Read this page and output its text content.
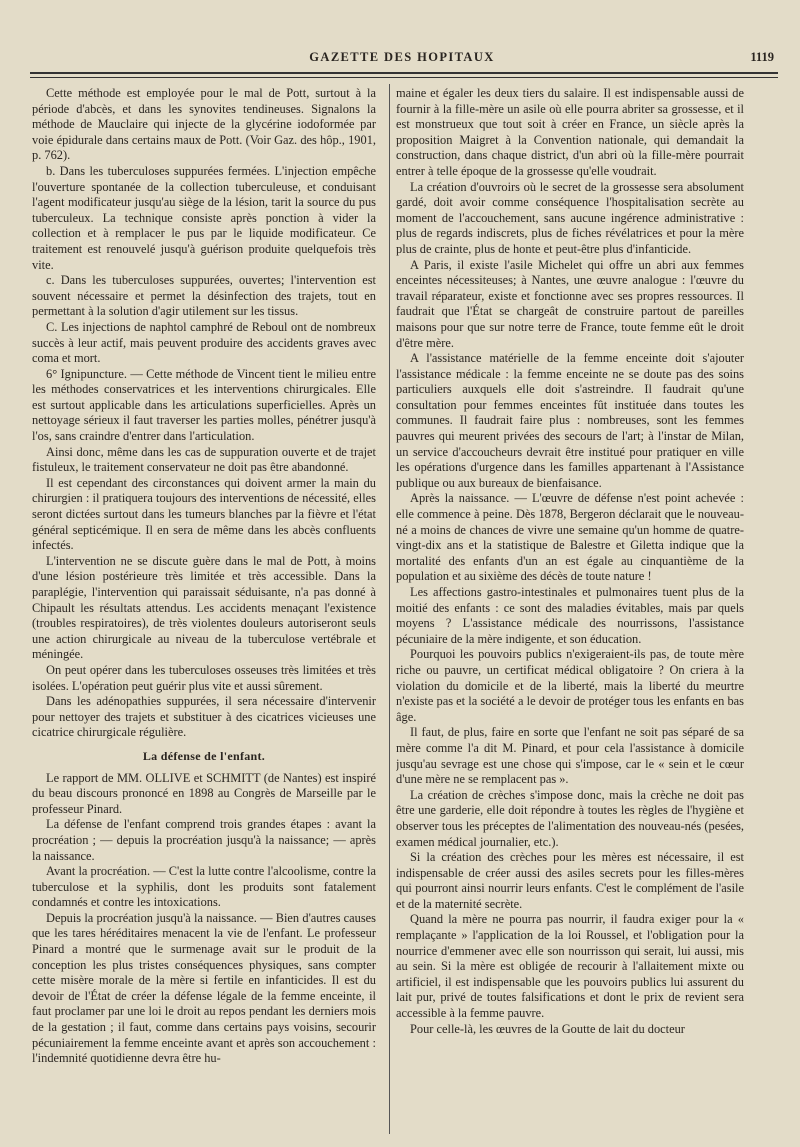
GAZETTE DES HOPITAUX	1119

Cette méthode est employée pour le mal de Pott, surtout à la période d'abcès, et dans les synovites tendineuses. Signalons la méthode de Mauclaire qui injecte de la glycérine iodoformée par voie épidurale dans certains maux de Pott. (Voir Gaz. des hôp., 1901, p. 762).

b. Dans les tuberculoses suppurées fermées. L'injection empêche l'ouverture spontanée de la collection tuberculeuse, et conduisant l'agent modificateur jusqu'au siège de la lésion, tarit la source du pus tuberculeux. La technique consiste après ponction à vider la collection et à remplacer le pus par le liquide modificateur. Ce traitement est renouvelé jusqu'à guérison produite quelquefois très vite.

c. Dans les tuberculoses suppurées, ouvertes; l'intervention est souvent nécessaire et permet la désinfection des trajets, tout en permettant à la solution d'agir utilement sur les tissus.

C. Les injections de naphtol camphré de Reboul ont de nombreux succès à leur actif, mais peuvent produire des accidents graves avec coma et mort.

6° Ignipuncture. — Cette méthode de Vincent tient le milieu entre les méthodes conservatrices et les interventions chirurgicales. Elle est surtout applicable dans les articulations superficielles. Après un nettoyage sérieux il faut traverser les parties molles, pénétrer jusqu'à l'os, sans craindre d'entrer dans l'articulation.

Ainsi donc, même dans les cas de suppuration ouverte et de trajet fistuleux, le traitement conservateur ne doit pas être abandonné.

Il est cependant des circonstances qui doivent armer la main du chirurgien : il pratiquera toujours des interventions de nécessité, elles seront dictées surtout dans les tumeurs blanches par la fièvre et l'état général septicémique. Il en sera de même dans les abcès confluents infectés.

L'intervention ne se discute guère dans le mal de Pott, à moins d'une lésion postérieure très limitée et très accessible. Dans la paraplégie, l'intervention qui paraissait séduisante, n'a pas donné à Chipault les résultats attendus. Les accidents menaçant l'existence (troubles respiratoires), de très violentes douleurs autoriseront seuls une action chirurgicale au niveau de la tuberculose vertébrale et méningée.

On peut opérer dans les tuberculoses osseuses très limitées et très isolées. L'opération peut guérir plus vite et aussi sûrement.

Dans les adénopathies suppurées, il sera nécessaire d'intervenir pour nettoyer des trajets et substituer à des cicatrices vicieuses une cicatrice chirurgicale régulière.

La défense de l'enfant.

Le rapport de MM. OLLIVE et SCHMITT (de Nantes) est inspiré du beau discours prononcé en 1898 au Congrès de Marseille par le professeur Pinard.

La défense de l'enfant comprend trois grandes étapes : avant la procréation ; — depuis la procréation jusqu'à la naissance; — après la naissance.

Avant la procréation. — C'est la lutte contre l'alcoolisme, contre la tuberculose et la syphilis, dont les produits sont fatalement condamnés et contre les intoxications.

Depuis la procréation jusqu'à la naissance. — Bien d'autres causes que les tares héréditaires menacent la vie de l'enfant. Le professeur Pinard a montré que le surmenage avait sur le produit de la conception les plus tristes conséquences physiques, sans compter cette misère morale de la mère si fertile en infanticides. Il est du devoir de l'État de créer la défense légale de la femme enceinte, il faut proclamer par une loi le droit au repos pendant les derniers mois de la gestation ; il faut, comme dans certains pays voisins, secourir pécuniairement la femme enceinte avant et après son accouchement : l'indemnité quotidienne devra être hu-

maine et égaler les deux tiers du salaire. Il est indispensable aussi de fournir à la fille-mère un asile où elle pourra abriter sa grossesse, et il est monstrueux que tout soit à créer en France, un siècle après la proposition Maigret à la Convention nationale, qui demandait la construction, dans chaque district, d'un abri où la fille-mère pourrait entrer à telle époque de la grossesse qu'elle voudrait.

La création d'ouvroirs où le secret de la grossesse sera absolument gardé, doit avoir comme conséquence l'hospitalisation secrète au moment de l'accouchement, sans aucune ingérence administrative : plus de regards indiscrets, plus de fiches révélatrices et pour la mère plus de crainte, plus de honte et peut-être plus d'infanticide.

A Paris, il existe l'asile Michelet qui offre un abri aux femmes enceintes nécessiteuses; à Nantes, une œuvre analogue : l'œuvre du travail réparateur, existe et fonctionne avec ses propres ressources. Il faudrait que l'État se chargeât de construire partout de pareilles maisons pour que sur notre terre de France, toute femme eût le droit d'être mère.

A l'assistance matérielle de la femme enceinte doit s'ajouter l'assistance médicale : la femme enceinte ne se doute pas des soins particuliers auxquels elle doit s'astreindre. Il faudrait qu'une consultation pour femmes enceintes fût instituée dans toutes les communes. Il faudrait faire plus : nombreuses, sont les femmes pauvres qui meurent privées des secours de l'art; à l'instar de Milan, un service d'accoucheurs devrait être institué pour pratiquer en ville les opérations d'urgence dans les familles appartenant à l'Assistance publique ou aux bureaux de bienfaisance.

Après la naissance. — L'œuvre de défense n'est point achevée : elle commence à peine. Dès 1878, Bergeron déclarait que le nouveau-né a moins de chances de vivre une semaine qu'un homme de quatre-vingt-dix ans et la statistique de Balestre et Giletta indique que la mortalité des enfants d'un an est égale au cinquantième de la population et au sixième des décès de toute nature !

Les affections gastro-intestinales et pulmonaires tuent plus de la moitié des enfants : ce sont des maladies évitables, mais par quels moyens ? L'assistance médicale des nourrissons, l'assistance pécuniaire de la mère indigente, et son éducation.

Pourquoi les pouvoirs publics n'exigeraient-ils pas, de toute mère riche ou pauvre, un certificat médical obligatoire ? On criera à la violation du domicile et de la liberté, mais la liberté du meurtre n'existe pas et la société a le devoir de protéger tous les enfants en bas âge.

Il faut, de plus, faire en sorte que l'enfant ne soit pas séparé de sa mère comme l'a dit M. Pinard, et pour cela l'assistance à domicile jusqu'au sevrage est une chose qui s'impose, car le « sein et le cœur d'une mère ne se remplacent pas ».

La création de crèches s'impose donc, mais la crèche ne doit pas être une garderie, elle doit répondre à toutes les règles de l'hygiène et observer tous les préceptes de l'alimentation des nouveau-nés (pesées, examen médical journalier, etc.).

Si la création des crèches pour les mères est nécessaire, il est indispensable de créer aussi des asiles secrets pour les filles-mères qui pourront ainsi nourrir leurs enfants. C'est le complément de l'asile et de la maternité secrète.

Quand la mère ne pourra pas nourrir, il faudra exiger pour la « remplaçante » l'application de la loi Roussel, et l'obligation pour la nourrice d'emmener avec elle son nourrisson qui serait, lui aussi, mis au sein. Si la mère est obligée de recourir à l'allaitement mixte ou artificiel, il est indispensable que les pouvoirs publics lui assurent du lait pur, privé de toutes falsifications et dont le prix de revient sera accessible à la femme pauvre.

Pour celle-là, les œuvres de la Goutte de lait du docteur
